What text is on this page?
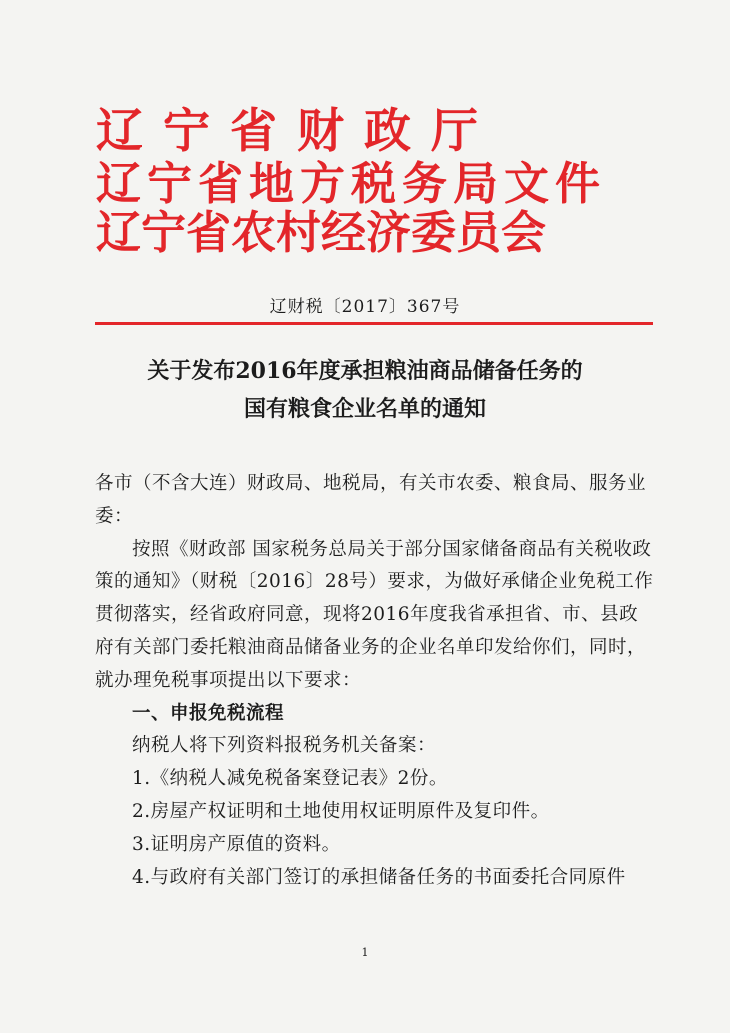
辽宁省财政厅
辽宁省地方税务局文件
辽宁省农村经济委员会
辽财税〔2017〕367号
关于发布2016年度承担粮油商品储备任务的
国有粮食企业名单的通知

各市（不含大连）财政局、地税局，有关市农委、粮食局、服务业委：

按照《财政部 国家税务总局关于部分国家储备商品有关税收政策的通知》（财税〔2016〕28号）要求，为做好承储企业免税工作贯彻落实，经省政府同意，现将2016年度我省承担省、市、县政府有关部门委托粮油商品储备业务的企业名单印发给你们，同时，就办理免税事项提出以下要求：

一、申报免税流程

纳税人将下列资料报税务机关备案：

1.《纳税人减免税备案登记表》2份。

2.房屋产权证明和土地使用权证明原件及复印件。

3.证明房产原值的资料。

4.与政府有关部门签订的承担储备任务的书面委托合同原件

1
